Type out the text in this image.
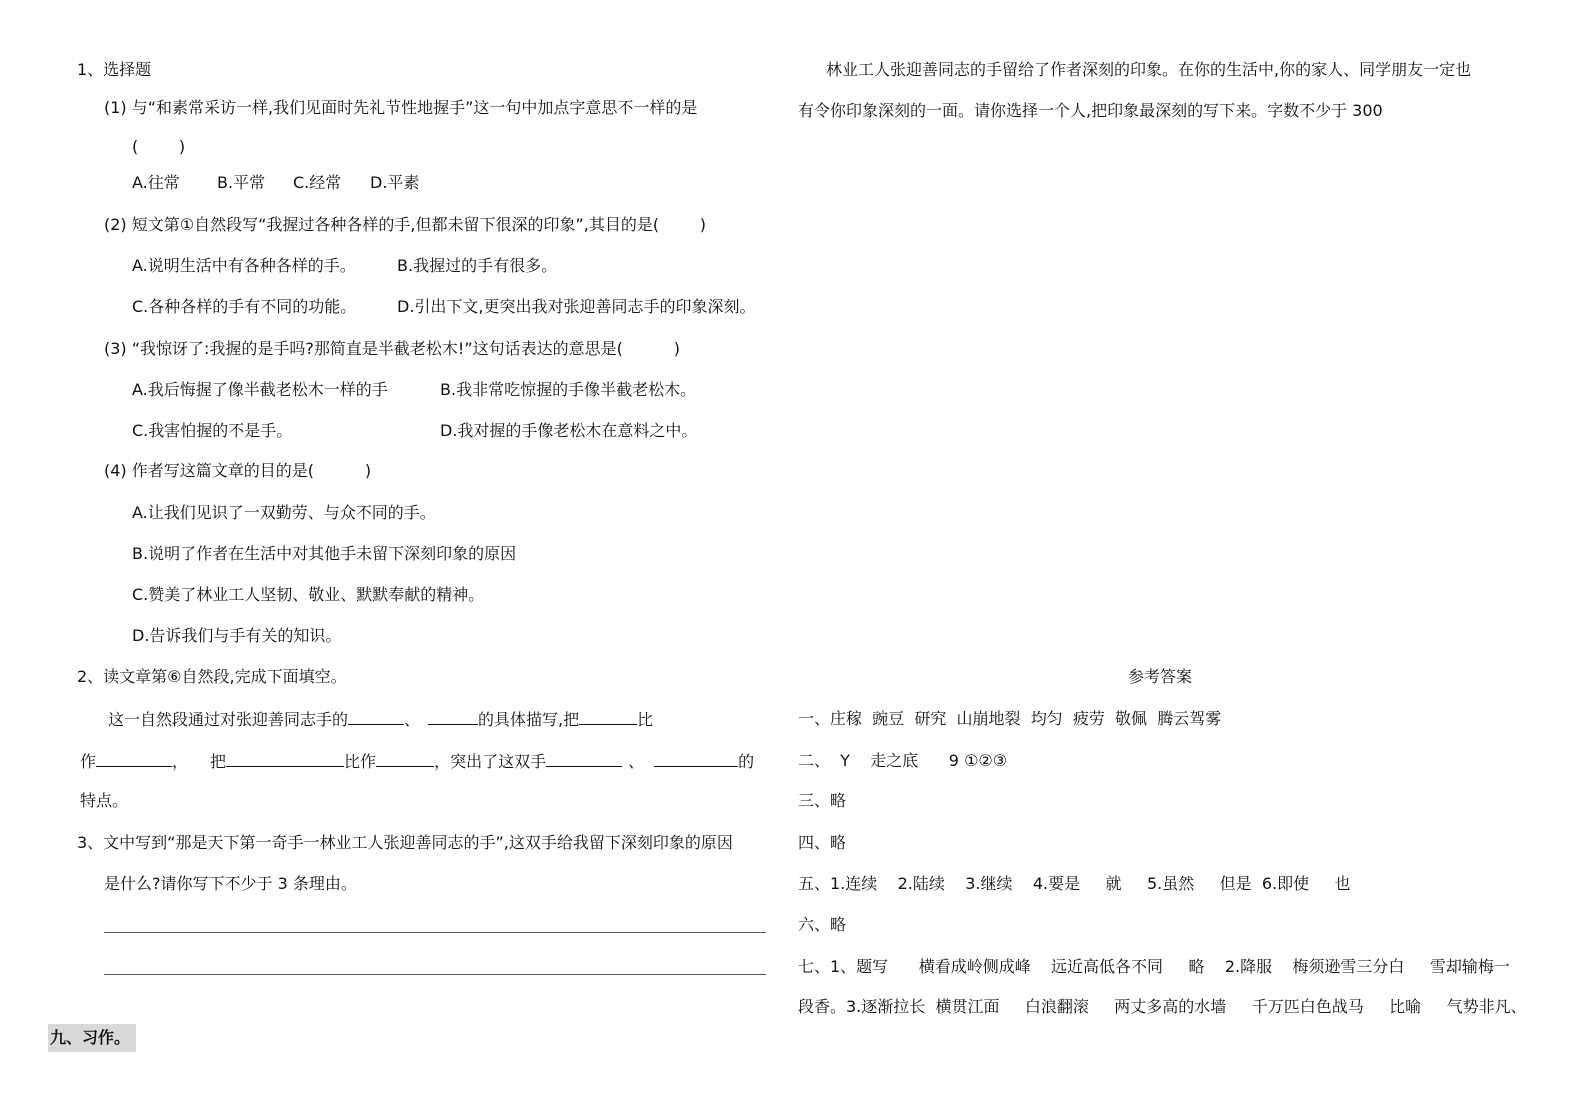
1、选择题
(1) 与“和素常采访一样,我们见面时先礼节性地握手”这一句中加点字意思不一样的是
(        )
A.往常 B.平常 C.经常 D.平素
(2) 短文第①自然段写“我握过各种各样的手,但都未留下很深的印象”,其目的是(        )
A.说明生活中有各种各样的手。	B.我握过的手有很多。
C.各种各样的手有不同的功能。	D.引出下文,更突出我对张迎善同志手的印象深刻。
(3) “我惊讶了:我握的是手吗?那简直是半截老松木!”这句话表达的意思是(          )
A.我后悔握了像半截老松木一样的手	B.我非常吃惊握的手像半截老松木。
C.我害怕握的不是手。	D.我对握的手像老松木在意料之中。
(4) 作者写这篇文章的目的是(          )
A.让我们见识了一双勤劳、与众不同的手。
B.说明了作者在生活中对其他手未留下深刻印象的原因
C.赞美了林业工人坚韧、敬业、默默奉献的精神。
D.告诉我们与手有关的知识。
2、读文章第⑥自然段,完成下面填空。
这一自然段通过对张迎善同志手的	、	的具体描写,把	比
作	， 把	比作	，突出了这双手	、	的
特点。
3、文中写到“那是天下第一奇手一林业工人张迎善同志的手”,这双手给我留下深刻印象的原因
是什么?请你写下不少于 3 条理由。
九、习作。
林业工人张迎善同志的手留给了作者深刻的印象。在你的生活中,你的家人、同学朋友一定也
有令你印象深刻的一面。请你选择一个人,把印象最深刻的写下来。字数不少于 300
参考答案
一、庄稼  豌豆  研究  山崩地裂  均匀  疲劳  敬佩  腾云驾雾
二、  Y    走之底      9 ①②③
三、略
四、略
五、1.连续    2.陆续    3.继续    4.要是     就     5.虽然     但是  6.即使     也
六、略
七、1、题写      横看成岭侧成峰    远近高低各不同     略    2.降服    梅须逊雪三分白     雪却输梅一
段香。3.逐渐拉长  横贯江面     白浪翻滚     两丈多高的水墙     千万匹白色战马     比喻     气势非凡、
